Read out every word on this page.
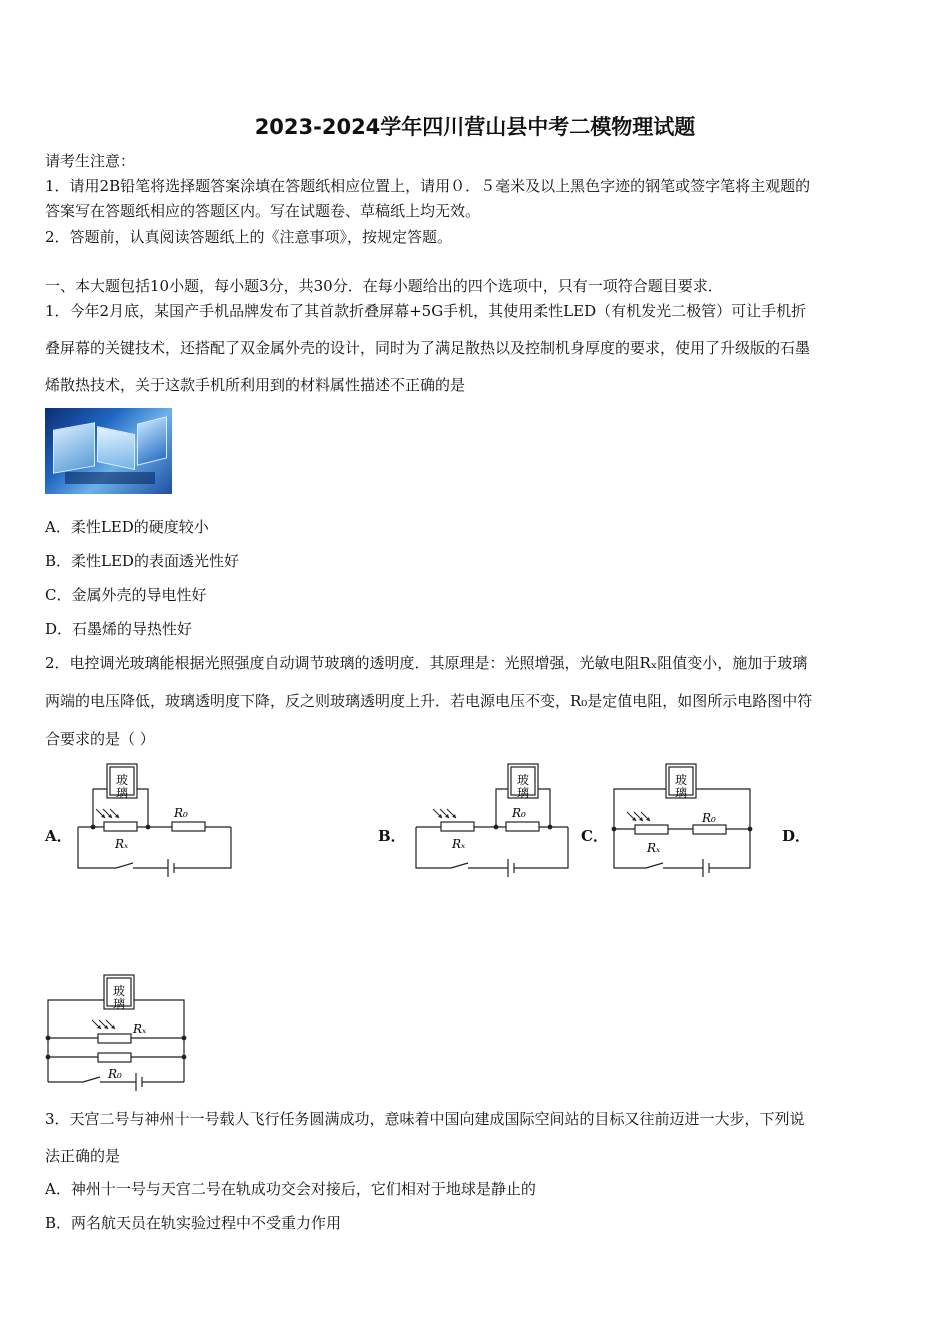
2023-2024学年四川营山县中考二模物理试题
请考生注意：
1．请用2B铅笔将选择题答案涂填在答题纸相应位置上，请用０．５毫米及以上黑色字迹的钢笔或签字笔将主观题的
答案写在答题纸相应的答题区内。写在试题卷、草稿纸上均无效。
2．答题前，认真阅读答题纸上的《注意事项》，按规定答题。
一、本大题包括10小题，每小题3分，共30分．在每小题给出的四个选项中，只有一项符合题目要求．
1．今年2月底，某国产手机品牌发布了其首款折叠屏幕+5G手机，其使用柔性LED（有机发光二极管）可让手机折
叠屏幕的关键技术，还搭配了双金属外壳的设计，同时为了满足散热以及控制机身厚度的要求，使用了升级版的石墨
烯散热技术，关于这款手机所利用到的材料属性描述不正确的是
A．柔性LED的硬度较小
B．柔性LED的表面透光性好
C．金属外壳的导电性好
D．石墨烯的导热性好
2．电控调光玻璃能根据光照强度自动调节玻璃的透明度．其原理是：光照增强，光敏电阻Rₓ阻值变小，施加于玻璃
两端的电压降低，玻璃透明度下降，反之则玻璃透明度上升．若电源电压不变，R₀是定值电阻，如图所示电路图中符
合要求的是（ ）
A．	B．	C．	D．
玻
璃
R₀
Rₓ
玻
璃
R₀
Rₓ
玻
璃
R₀
Rₓ
玻
璃
Rₓ
R₀
3．天宫二号与神州十一号载人飞行任务圆满成功，意味着中国向建成国际空间站的目标又往前迈进一大步，下列说
法正确的是
A．神州十一号与天宫二号在轨成功交会对接后，它们相对于地球是静止的
B．两名航天员在轨实验过程中不受重力作用
